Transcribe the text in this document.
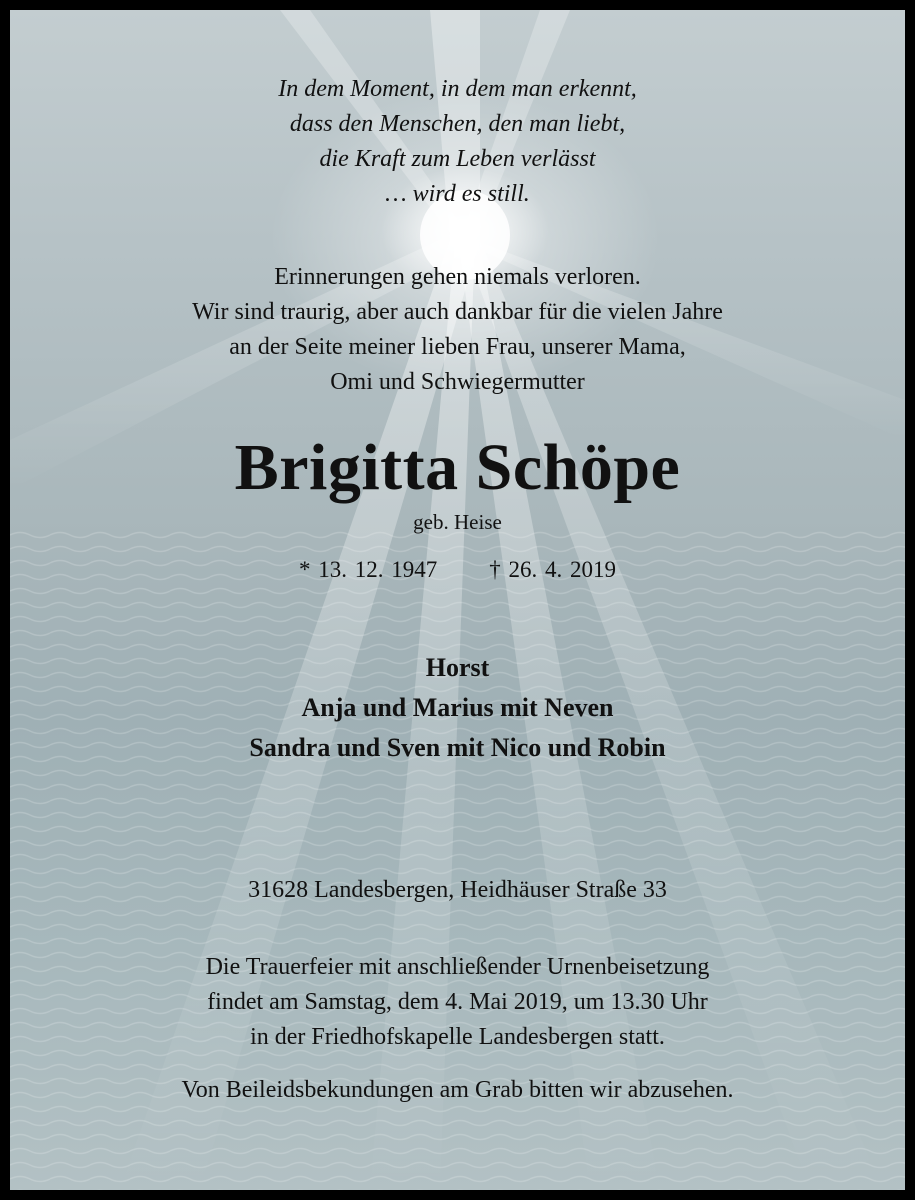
In dem Moment, in dem man erkennt,
dass den Menschen, den man liebt,
die Kraft zum Leben verlässt
… wird es still.
Erinnerungen gehen niemals verloren.
Wir sind traurig, aber auch dankbar für die vielen Jahre
an der Seite meiner lieben Frau, unserer Mama,
Omi und Schwiegermutter
Brigitta Schöpe
geb. Heise
* 13. 12. 1947 † 26. 4. 2019
Horst
Anja und Marius mit Neven
Sandra und Sven mit Nico und Robin
31628 Landesbergen, Heidhäuser Straße 33
Die Trauerfeier mit anschließender Urnenbeisetzung
findet am Samstag, dem 4. Mai 2019, um 13.30 Uhr
in der Friedhofskapelle Landesbergen statt.
Von Beileidsbekundungen am Grab bitten wir abzusehen.
